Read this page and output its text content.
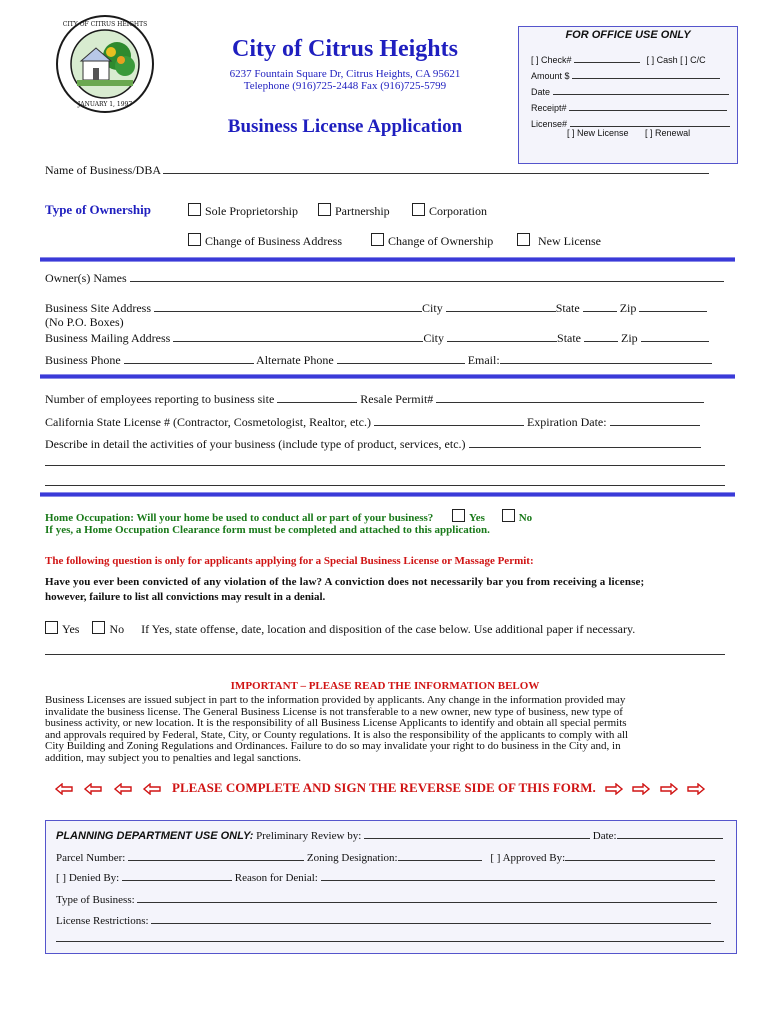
JANUARY 1, 1997
CITY OF CITRUS HEIGHTS
City of Citrus Heights
6237 Fountain Square Dr, Citrus Heights, CA 95621
Telephone (916)725-2448 Fax (916)725-5799
Business License Application
FOR OFFICE USE ONLY
[ ] Check#	[ ] Cash [ ] C/C
Amount $
Date
Receipt#
License#
[ ] New License [ ] Renewal
Name of Business/DBA
Type of Ownership	Sole Proprietorship	Partnership	Corporation
Change of Business Address	Change of Ownership	New License
Owner(s) Names
Business Site Address	City	State	Zip
(No P.O. Boxes)
Business Mailing Address	City	State	Zip
Business Phone	Alternate Phone	Email:
Number of employees reporting to business site	Resale Permit#
California State License # (Contractor, Cosmetologist, Realtor, etc.)	Expiration Date:
Describe in detail the activities of your business (include type of product, services, etc.)
Home Occupation: Will your home be used to conduct all or part of your business?	Yes	No
If yes, a Home Occupation Clearance form must be completed and attached to this application.
The following question is only for applicants applying for a Special Business License or Massage Permit:
Have you ever been convicted of any violation of the law? A conviction does not necessarily bar you from receiving a license;
however, failure to list all convictions may result in a denial.
Yes	No If Yes, state offense, date, location and disposition of the case below. Use additional paper if necessary.
IMPORTANT – PLEASE READ THE INFORMATION BELOW
Business Licenses are issued subject in part to the information provided by applicants. Any change in the information provided may
invalidate the business license. The General Business License is not transferable to a new owner, new type of business, new type of
business activity, or new location. It is the responsibility of all Business License Applicants to identify and obtain all special permits
and approvals required by Federal, State, City, or County regulations. It is also the responsibility of the applicants to comply with all
City Building and Zoning Regulations and Ordinances. Failure to do so may invalidate your right to do business in the City and, in
addition, may subject you to penalties and legal sanctions.
PLEASE COMPLETE AND SIGN THE REVERSE SIDE OF THIS FORM.
PLANNING DEPARTMENT USE ONLY: Preliminary Review by:	Date:
Parcel Number:	Zoning Designation:	[ ] Approved By:
[ ] Denied By:	Reason for Denial:
Type of Business:
License Restrictions:
